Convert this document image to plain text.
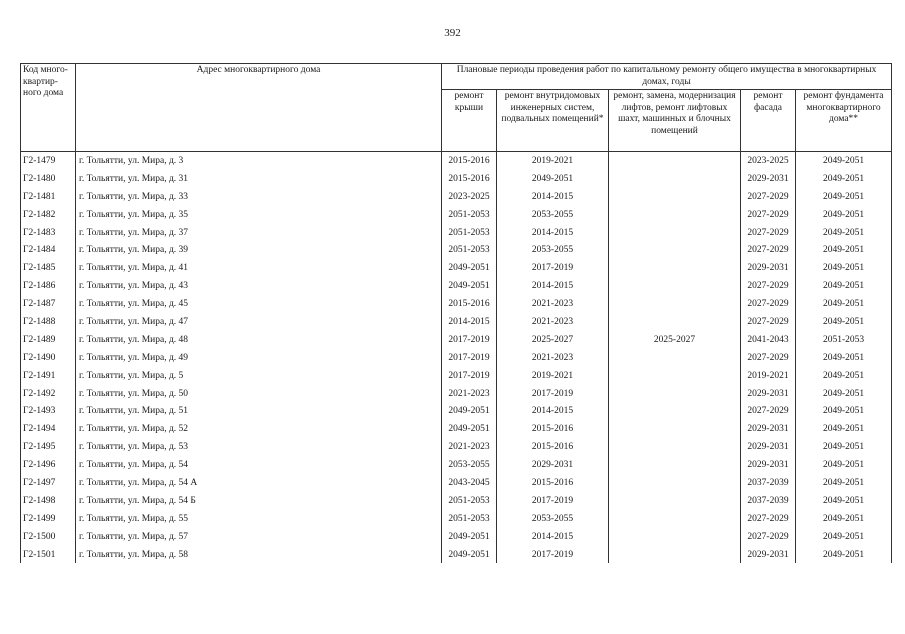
392
Код много-квартир-ного дома	Адрес многоквартирного дома	Плановые периоды проведения работ по капитальному ремонту общего имущества в многоквартирных домах, годы				
		ремонт крыши	ремонт внутридомовых инженерных систем, подвальных помещений*	ремонт, замена, модернизация лифтов, ремонт лифтовых шахт, машинных и блочных помещений	ремонт фасада	ремонт фундамента многоквартирного дома**
Г2-1479	г. Тольятти, ул. Мира, д. 3	2015-2016	2019-2021		2023-2025	2049-2051
Г2-1480	г. Тольятти, ул. Мира, д. 31	2015-2016	2049-2051		2029-2031	2049-2051
Г2-1481	г. Тольятти, ул. Мира, д. 33	2023-2025	2014-2015		2027-2029	2049-2051
Г2-1482	г. Тольятти, ул. Мира, д. 35	2051-2053	2053-2055		2027-2029	2049-2051
Г2-1483	г. Тольятти, ул. Мира, д. 37	2051-2053	2014-2015		2027-2029	2049-2051
Г2-1484	г. Тольятти, ул. Мира, д. 39	2051-2053	2053-2055		2027-2029	2049-2051
Г2-1485	г. Тольятти, ул. Мира, д. 41	2049-2051	2017-2019		2029-2031	2049-2051
Г2-1486	г. Тольятти, ул. Мира, д. 43	2049-2051	2014-2015		2027-2029	2049-2051
Г2-1487	г. Тольятти, ул. Мира, д. 45	2015-2016	2021-2023		2027-2029	2049-2051
Г2-1488	г. Тольятти, ул. Мира, д. 47	2014-2015	2021-2023		2027-2029	2049-2051
Г2-1489	г. Тольятти, ул. Мира, д. 48	2017-2019	2025-2027	2025-2027	2041-2043	2051-2053
Г2-1490	г. Тольятти, ул. Мира, д. 49	2017-2019	2021-2023		2027-2029	2049-2051
Г2-1491	г. Тольятти, ул. Мира, д. 5	2017-2019	2019-2021		2019-2021	2049-2051
Г2-1492	г. Тольятти, ул. Мира, д. 50	2021-2023	2017-2019		2029-2031	2049-2051
Г2-1493	г. Тольятти, ул. Мира, д. 51	2049-2051	2014-2015		2027-2029	2049-2051
Г2-1494	г. Тольятти, ул. Мира, д. 52	2049-2051	2015-2016		2029-2031	2049-2051
Г2-1495	г. Тольятти, ул. Мира, д. 53	2021-2023	2015-2016		2029-2031	2049-2051
Г2-1496	г. Тольятти, ул. Мира, д. 54	2053-2055	2029-2031		2029-2031	2049-2051
Г2-1497	г. Тольятти, ул. Мира, д. 54 А	2043-2045	2015-2016		2037-2039	2049-2051
Г2-1498	г. Тольятти, ул. Мира, д. 54 Б	2051-2053	2017-2019		2037-2039	2049-2051
Г2-1499	г. Тольятти, ул. Мира, д. 55	2051-2053	2053-2055		2027-2029	2049-2051
Г2-1500	г. Тольятти, ул. Мира, д. 57	2049-2051	2014-2015		2027-2029	2049-2051
Г2-1501	г. Тольятти, ул. Мира, д. 58	2049-2051	2017-2019		2029-2031	2049-2051
